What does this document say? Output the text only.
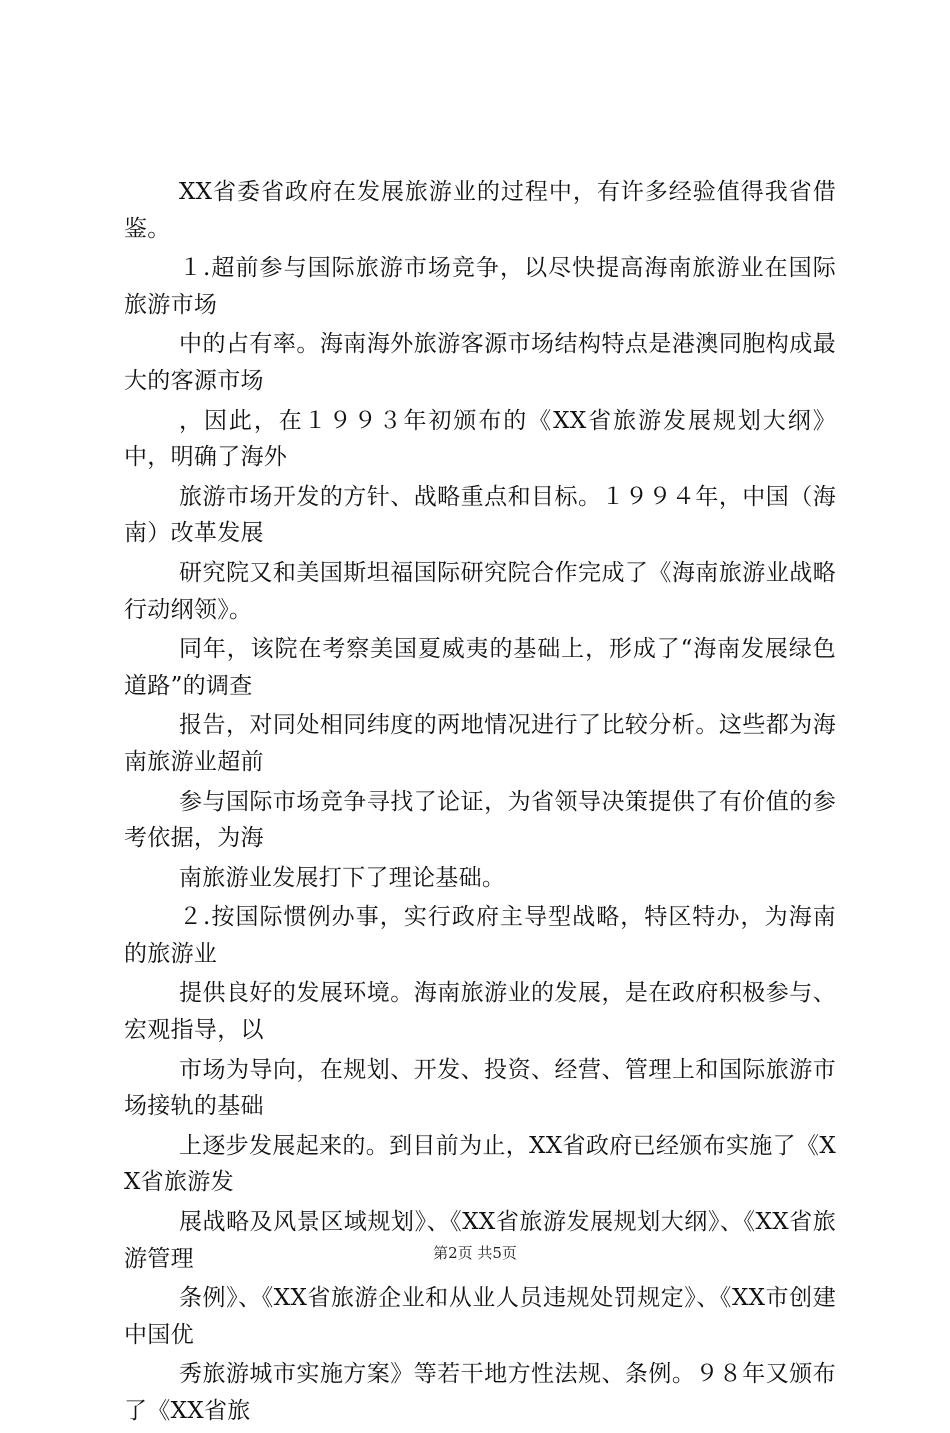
XX省委省政府在发展旅游业的过程中，有许多经验值得我省借鉴。

１.超前参与国际旅游市场竞争，以尽快提高海南旅游业在国际旅游市场

中的占有率。海南海外旅游客源市场结构特点是港澳同胞构成最大的客源市场

，因此，在１９９３年初颁布的《XX省旅游发展规划大纲》中，明确了海外

旅游市场开发的方针、战略重点和目标。１９９４年，中国（海南）改革发展

研究院又和美国斯坦福国际研究院合作完成了《海南旅游业战略行动纲领》。

同年，该院在考察美国夏威夷的基础上，形成了“海南发展绿色道路”的调查

报告，对同处相同纬度的两地情况进行了比较分析。这些都为海南旅游业超前

参与国际市场竞争寻找了论证，为省领导决策提供了有价值的参考依据，为海

南旅游业发展打下了理论基础。

２.按国际惯例办事，实行政府主导型战略，特区特办，为海南的旅游业

提供良好的发展环境。海南旅游业的发展，是在政府积极参与、宏观指导，以

市场为导向，在规划、开发、投资、经营、管理上和国际旅游市场接轨的基础

上逐步发展起来的。到目前为止，XX省政府已经颁布实施了《XX省旅游发

展战略及风景区域规划》、《XX省旅游发展规划大纲》、《XX省旅游管理

条例》、《XX省旅游企业和从业人员违规处罚规定》、《XX市创建中国优

秀旅游城市实施方案》等若干地方性法规、条例。９８年又颁布了《XX省旅

第2页 共5页
